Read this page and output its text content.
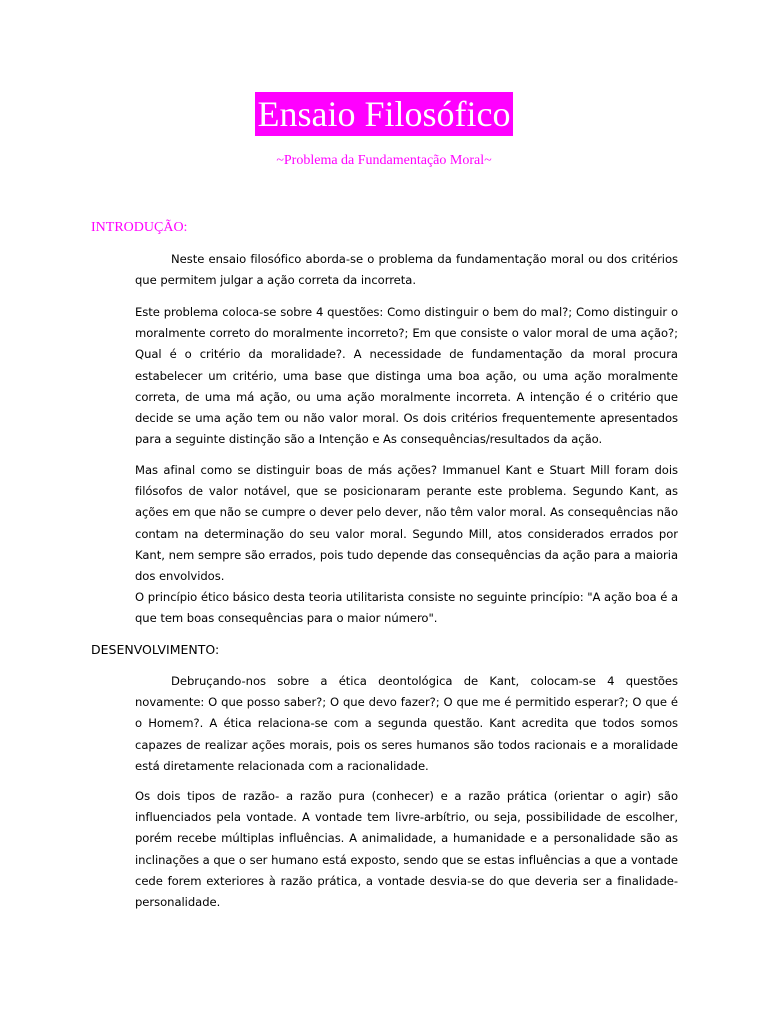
Ensaio Filosófico
~Problema da Fundamentação Moral~
INTRODUÇÃO:

Neste ensaio filosófico aborda-se o problema da fundamentação moral ou dos critérios que permitem julgar a ação correta da incorreta.

Este problema coloca-se sobre 4 questões: Como distinguir o bem do mal?; Como distinguir o moralmente correto do moralmente incorreto?; Em que consiste o valor moral de uma ação?; Qual é o critério da moralidade?. A necessidade de fundamentação da moral procura estabelecer um critério, uma base que distinga uma boa ação, ou uma ação moralmente correta, de uma má ação, ou uma ação moralmente incorreta. A intenção é o critério que decide se uma ação tem ou não valor moral. Os dois critérios frequentemente apresentados para a seguinte distinção são a Intenção e As consequências/resultados da ação.

Mas afinal como se distinguir boas de más ações? Immanuel Kant e Stuart Mill foram dois filósofos de valor notável, que se posicionaram perante este problema. Segundo Kant, as ações em que não se cumpre o dever pelo dever, não têm valor moral. As consequências não contam na determinação do seu valor moral. Segundo Mill, atos considerados errados por Kant, nem sempre são errados, pois tudo depende das consequências da ação para a maioria dos envolvidos.

O princípio ético básico desta teoria utilitarista consiste no seguinte princípio: "A ação boa é a que tem boas consequências para o maior número".

DESENVOLVIMENTO:

Debruçando-nos sobre a ética deontológica de Kant, colocam-se 4 questões novamente: O que posso saber?; O que devo fazer?; O que me é permitido esperar?; O que é o Homem?. A ética relaciona-se com a segunda questão. Kant acredita que todos somos capazes de realizar ações morais, pois os seres humanos são todos racionais e a moralidade está diretamente relacionada com a racionalidade.

Os dois tipos de razão- a razão pura (conhecer) e a razão prática (orientar o agir) são influenciados pela vontade. A vontade tem livre-arbítrio, ou seja, possibilidade de escolher, porém recebe múltiplas influências. A animalidade, a humanidade e a personalidade são as inclinações a que o ser humano está exposto, sendo que se estas influências a que a vontade cede forem exteriores à razão prática, a vontade desvia-se do que deveria ser a finalidade- personalidade.
